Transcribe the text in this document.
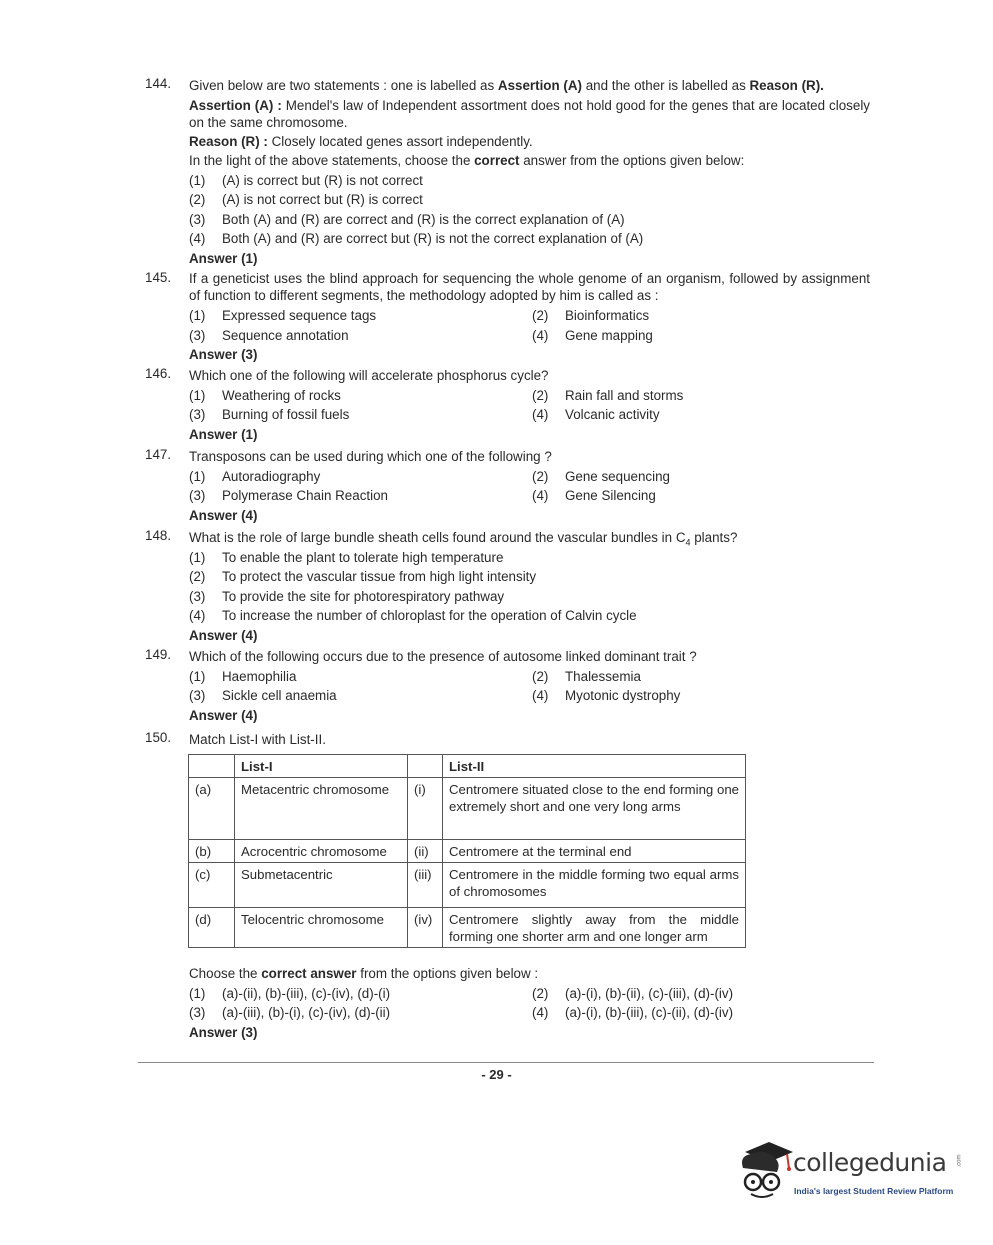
144.	Given below are two statements : one is labelled as Assertion (A) and the other is labelled as Reason (R).
Assertion (A) : Mendel's law of Independent assortment does not hold good for the genes that are located closely on the same chromosome.
Reason (R) : Closely located genes assort independently.
In the light of the above statements, choose the correct answer from the options given below:
(1) (A) is correct but (R) is not correct
(2) (A) is not correct but (R) is correct
(3) Both (A) and (R) are correct and (R) is the correct explanation of (A)
(4) Both (A) and (R) are correct but (R) is not the correct explanation of (A)
Answer (1)
145.	If a geneticist uses the blind approach for sequencing the whole genome of an organism, followed by assignment of function to different segments, the methodology adopted by him is called as :
(1) Expressed sequence tags	(2) Bioinformatics
(3) Sequence annotation	(4) Gene mapping
Answer (3)
146.	Which one of the following will accelerate phosphorus cycle?
(1) Weathering of rocks	(2) Rain fall and storms
(3) Burning of fossil fuels	(4) Volcanic activity
Answer (1)
147.	Transposons can be used during which one of the following ?
(1) Autoradiography	(2) Gene sequencing
(3) Polymerase Chain Reaction	(4) Gene Silencing
Answer (4)
148.	What is the role of large bundle sheath cells found around the vascular bundles in $C_4$ plants?
(1) To enable the plant to tolerate high temperature
(2) To protect the vascular tissue from high light intensity
(3) To provide the site for photorespiratory pathway
(4) To increase the number of chloroplast for the operation of Calvin cycle
Answer (4)
149.	Which of the following occurs due to the presence of autosome linked dominant trait ?
(1) Haemophilia	(2) Thalessemia
(3) Sickle cell anaemia	(4) Myotonic dystrophy
Answer (4)
150.	Match List-I with List-II.
	List-I		List-II
(a)	Metacentric chromosome	(i)	Centromere situated close to the end forming one extremely short and one very long arms
(b)	Acrocentric chromosome	(ii)	Centromere at the terminal end
(c)	Submetacentric	(iii)	Centromere in the middle forming two equal arms of chromosomes
(d)	Telocentric chromosome	(iv)	Centromere slightly away from the middle forming one shorter arm and one longer arm
Choose the correct answer from the options given below :
(1) (a)-(ii), (b)-(iii), (c)-(iv), (d)-(i)	(2) (a)-(i), (b)-(ii), (c)-(iii), (d)-(iv)
(3) (a)-(iii), (b)-(i), (c)-(iv), (d)-(ii)	(4) (a)-(i), (b)-(iii), (c)-(ii), (d)-(iv)
Answer (3)
- 29 -
collegedunia .com
India's largest Student Review Platform
